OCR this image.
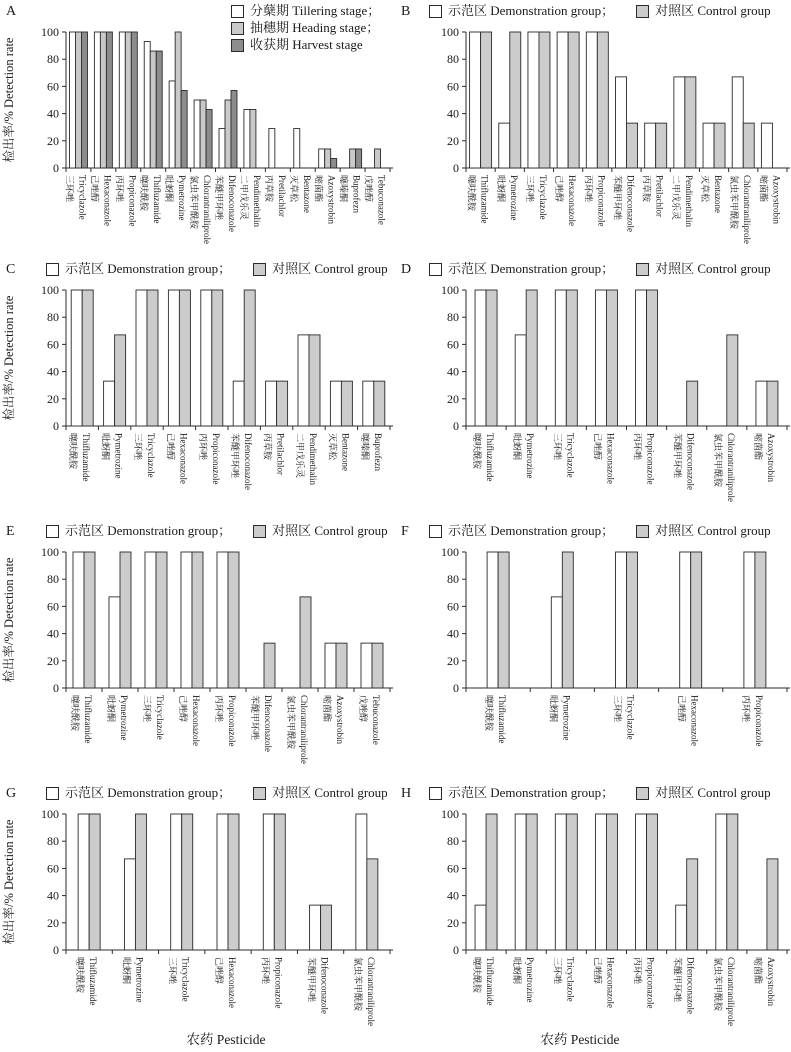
农药 Pesticide	农药 Pesticide
A	分蘖期 Tillering stage；
抽穗期 Heading stage；
收获期 Harvest stage
0
20
40
60
80
100
三环唑 Tricyclazole 己唑醇 Hexaconazole 丙环唑 Propiconazole 噻呋酰胺 Thifluzamide 吡蚜酮 Pymetrozine 氯虫苯甲酰胺 Chlorantraniliprole 苯醚甲环唑 Difenoconazole 二甲戊乐灵 Pendimethalin 丙草胺 Pretilachlor 灭草松 Bentazone 嘧菌酯 Azoxystrobin 噻嗪酮 Buprofezn 戊唑醇 Tebuconazole
检出率/% Detection rate
B	示范区 Demonstration group；	对照区 Control group
0
20
40
60
80
100
噻呋酰胺 Thifluzamide 吡蚜酮 Pymetrozine 三环唑 Tricyclazole 己唑醇 Hexaconazole 丙环唑 Propiconazole 苯醚甲环唑 Difenoconazole 丙草胺 Pretilachlor 二甲戊乐灵 Pendimethalin 灭草松 Bentazone 氯虫苯甲酰胺 Chlorantraniliprole 嘧菌酯 Azoxystrobin
C	示范区 Demonstration group；	对照区 Control group
0
20
40
60
80
100
噻呋酰胺 Thifluzamide 吡蚜酮 Pymetrozine 三环唑 Tricyclazole 己唑醇 Hexaconazole 丙环唑 Propiconazole 苯醚甲环唑 Difenoconazole 丙草胺 Pretilachlor 二甲戊乐灵 Pendimethalin 灭草松 Bentazone 噻嗪酮 Buprofezn
检出率/% Detection rate
D	示范区 Demonstration group；	对照区 Control group
0
20
40
60
80
100
噻呋酰胺 Thifluzamide 吡蚜酮 Pymetrozine 三环唑 Tricyclazole 己唑醇 Hexaconazole 丙环唑 Propiconazole 苯醚甲环唑 Difenoconazole 氯虫苯甲酰胺 Chlorantraniliprole 嘧菌酯 Azoxystrobin
E	示范区 Demonstration group；	对照区 Control group
0
20
40
60
80
100
噻呋酰胺 Thifluzamide 吡蚜酮 Pymetrozine 三环唑 Tricyclazole 己唑醇 Hexaconazole 丙环唑 Propiconazole 苯醚甲环唑 Difenoconazole 氯虫苯甲酰胺 Chlorantraniliprole 嘧菌酯 Azoxystrobin 戊唑醇 Tebuconazole
检出率/% Detection rate
F	示范区 Demonstration group；	对照区 Control group
0
20
40
60
80
100
噻呋酰胺 Thifluzamide	吡蚜酮 Pymetrozine	三环唑 Tricyclazole	己唑醇 Hexaconazole	丙环唑 Propiconazole
G	示范区 Demonstration group；	对照区 Control group
0
20
40
60
80
100
噻呋酰胺 Thifluzamide	吡蚜酮 Pymetrozine	三环唑 Tricyclazole	己唑醇 Hexaconazole	丙环唑 Propiconazole	苯醚甲环唑 Difenoconazole	氯虫苯甲酰胺 Chlorantraniliprole
检出率/% Detection rate
H	示范区 Demonstration group；	对照区 Control group
0
20
40
60
80
100
噻呋酰胺 Thifluzamide 吡蚜酮 Pymetrozine 三环唑 Tricyclazole 己唑醇 Hexaconazole 丙环唑 Propiconazole 苯醚甲环唑 Difenoconazole 氯虫苯甲酰胺 Chlorantraniliprole 嘧菌酯 Azoxystrobin
